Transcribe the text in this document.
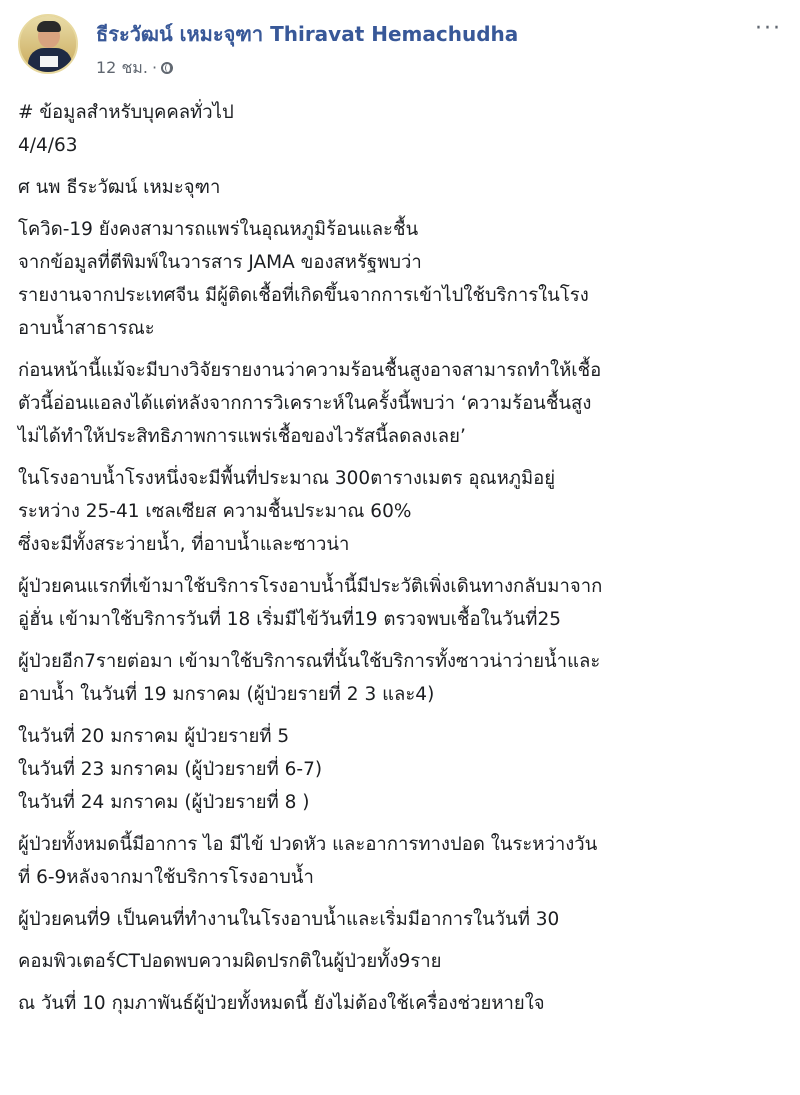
ธีระวัฒน์ เหมะจุฑา Thiravat Hemachudha
12 ชม. ·
···
# ข้อมูลสำหรับบุคคลทั่วไป
4/4/63
ศ นพ ธีระวัฒน์ เหมะจุฑา
โควิด-19 ยังคงสามารถแพร่ในอุณหภูมิร้อนและชื้น
จากข้อมูลที่ตีพิมพ์ในวารสาร JAMA ของสหรัฐพบว่า
รายงานจากประเทศจีน มีผู้ติดเชื้อที่เกิดขึ้นจากการเข้าไปใช้บริการในโรง
อาบน้ำสาธารณะ
ก่อนหน้านี้แม้จะมีบางวิจัยรายงานว่าความร้อนชื้นสูงอาจสามารถทำให้เชื้อ
ตัวนี้อ่อนแอลงได้แต่หลังจากการวิเคราะห์ในครั้งนี้พบว่า ‘ความร้อนชื้นสูง
ไม่ได้ทำให้ประสิทธิภาพการแพร่เชื้อของไวรัสนี้ลดลงเลย’
ในโรงอาบน้ำโรงหนึ่งจะมีพื้นที่ประมาณ 300ตารางเมตร อุณหภูมิอยู่
ระหว่าง 25-41 เซลเซียส ความชื้นประมาณ 60%
ซึ่งจะมีทั้งสระว่ายน้ำ, ที่อาบน้ำและซาวน่า
ผู้ป่วยคนแรกที่เข้ามาใช้บริการโรงอาบน้ำนี้มีประวัติเพิ่งเดินทางกลับมาจาก
อู่ฮั่น เข้ามาใช้บริการวันที่ 18 เริ่มมีไข้วันที่19 ตรวจพบเชื้อในวันที่25
ผู้ป่วยอีก7รายต่อมา เข้ามาใช้บริการณที่นั้นใช้บริการทั้งซาวน่าว่ายน้ำและ
อาบน้ำ ในวันที่ 19 มกราคม (ผู้ป่วยรายที่ 2 3 และ4)
ในวันที่ 20 มกราคม ผู้ป่วยรายที่ 5
ในวันที่ 23 มกราคม (ผู้ป่วยรายที่ 6-7)
ในวันที่ 24 มกราคม (ผู้ป่วยรายที่ 8 )
ผู้ป่วยทั้งหมดนี้มีอาการ ไอ มีไข้ ปวดหัว และอาการทางปอด ในระหว่างวัน
ที่ 6-9หลังจากมาใช้บริการโรงอาบน้ำ
ผู้ป่วยคนที่9 เป็นคนที่ทำงานในโรงอาบน้ำและเริ่มมีอาการในวันที่ 30
คอมพิวเตอร์CTปอดพบความผิดปรกติในผู้ป่วยทั้ง9ราย
ณ วันที่ 10 กุมภาพันธ์ผู้ป่วยทั้งหมดนี้ ยังไม่ต้องใช้เครื่องช่วยหายใจ
